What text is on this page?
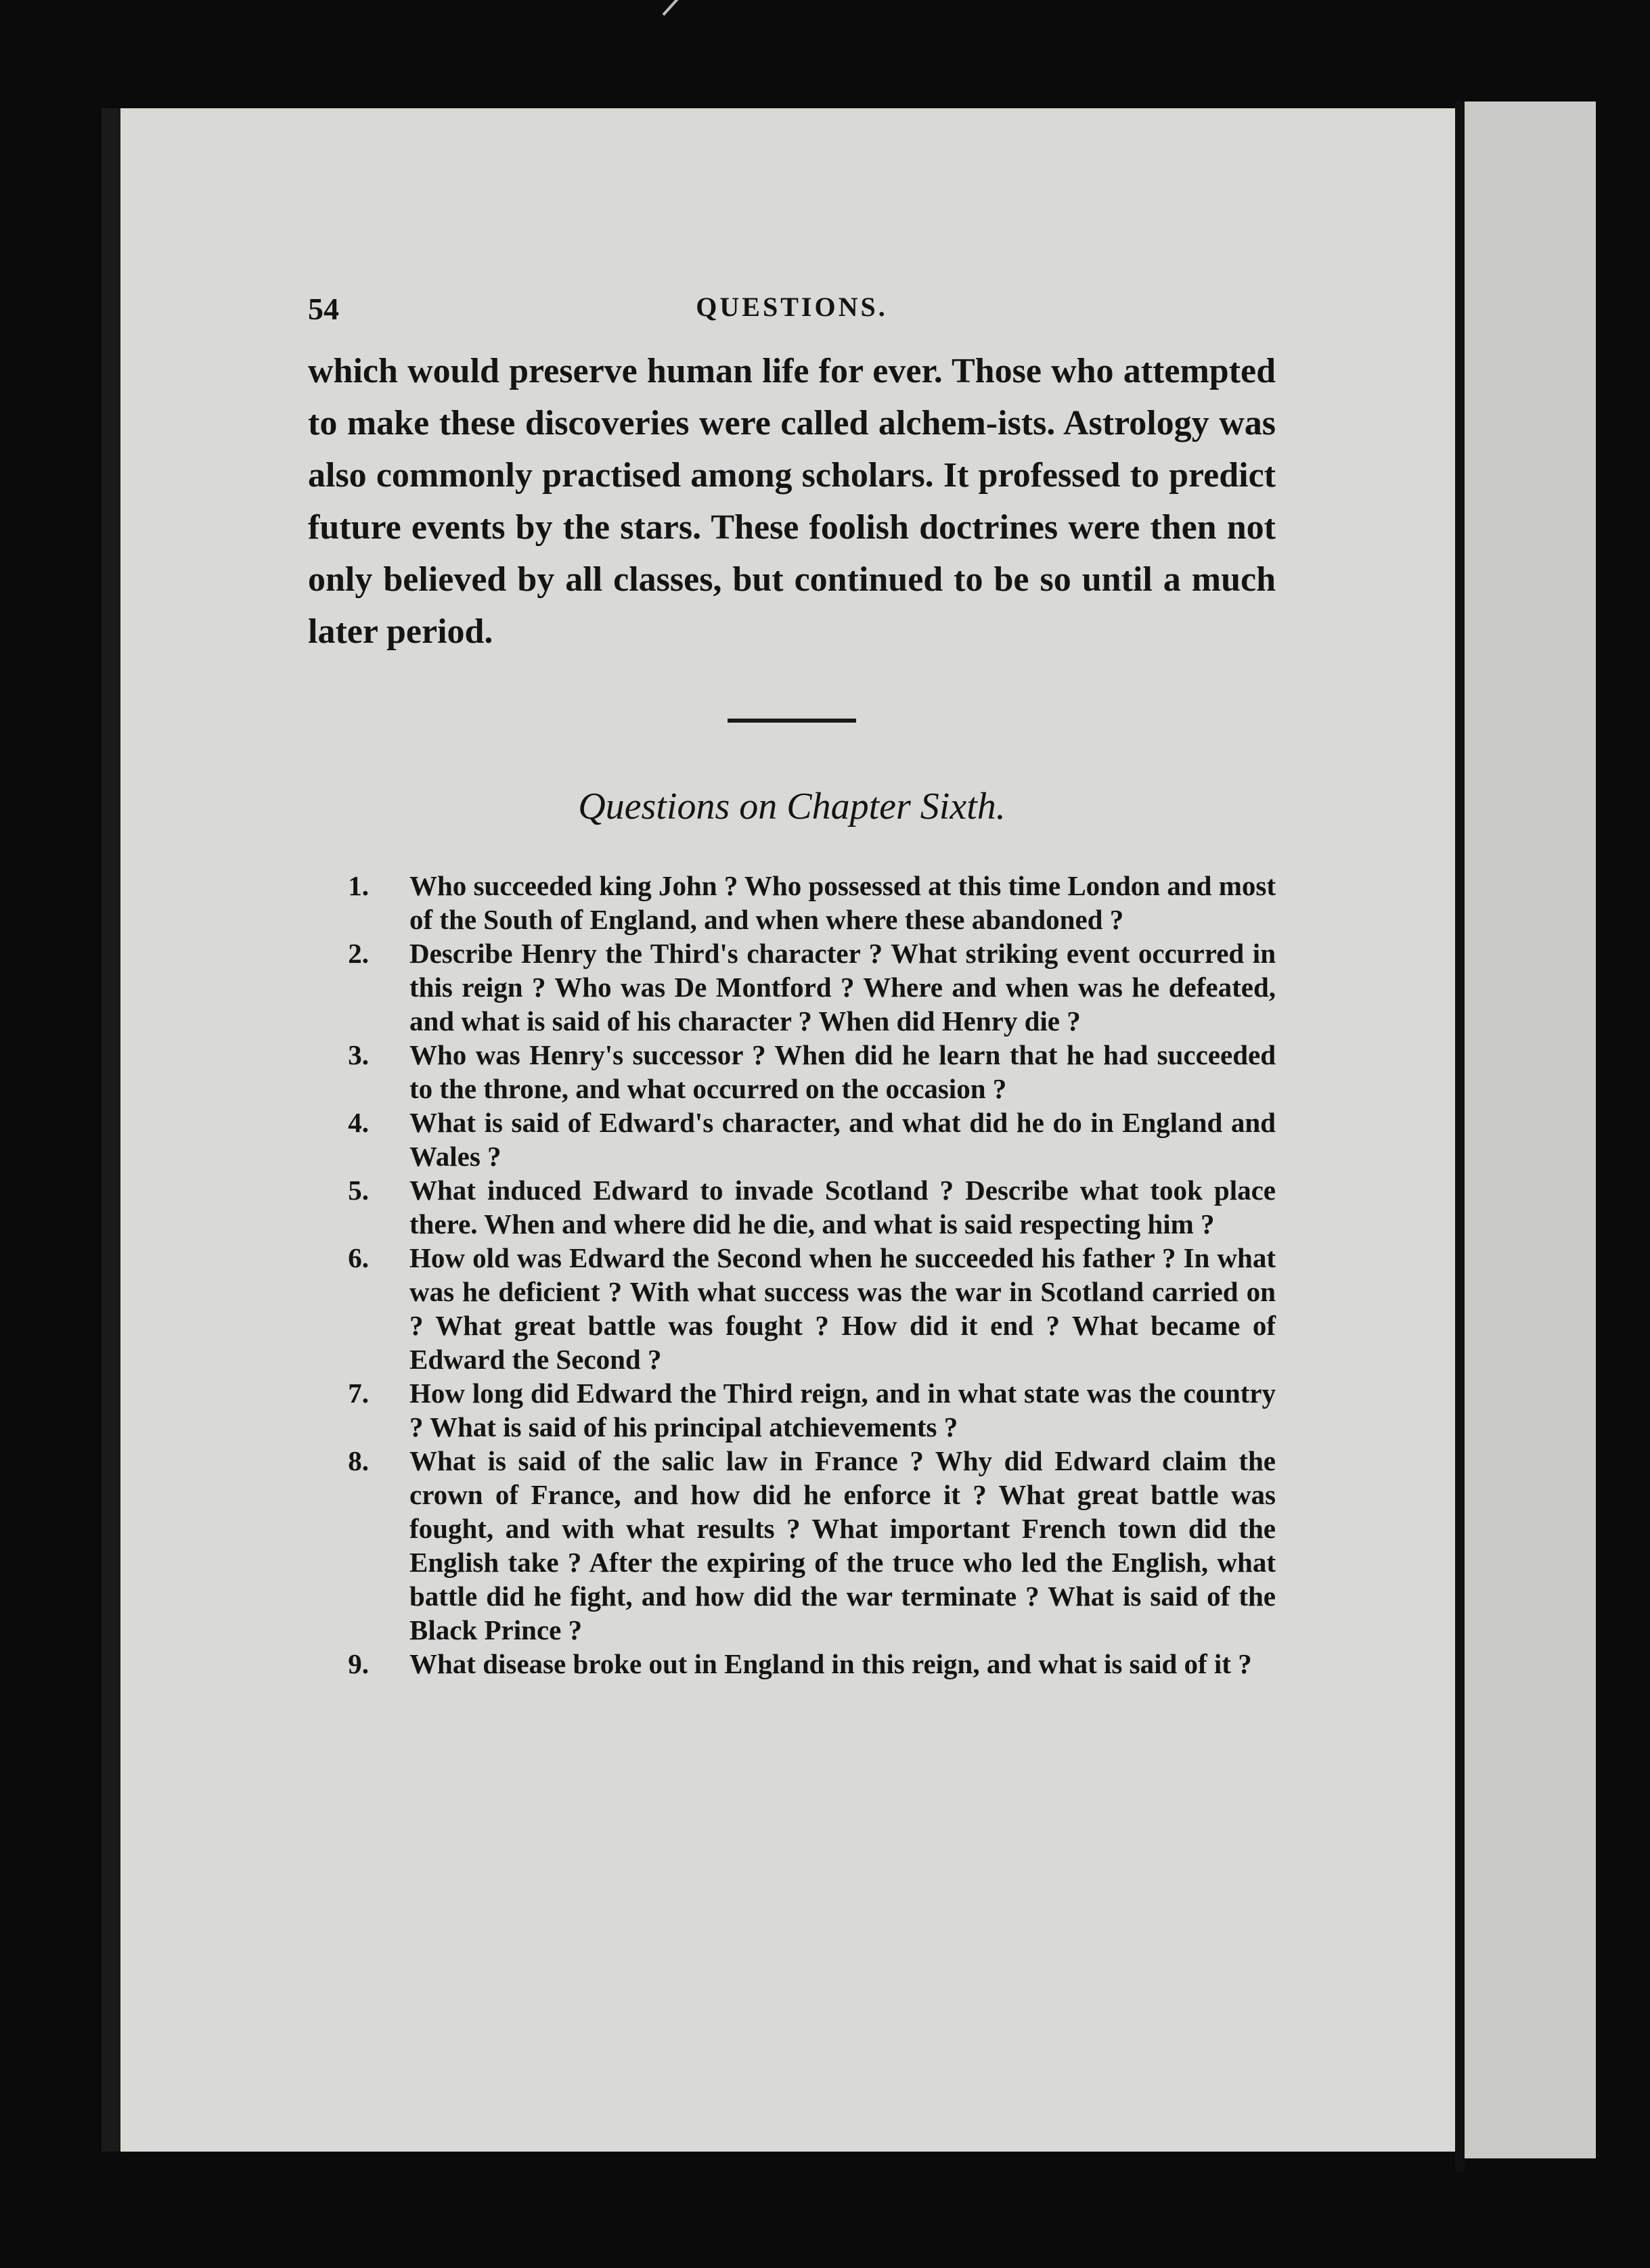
54	QUESTIONS.

which would preserve human life for ever. Those who attempted to make these discoveries were called alchem-ists. Astrology was also commonly practised among scholars. It professed to predict future events by the stars. These foolish doctrines were then not only believed by all classes, but continued to be so until a much later period.

Questions on Chapter Sixth.
1. Who succeeded king John ? Who possessed at this time London and most of the South of England, and when where these abandoned ?
2. Describe Henry the Third's character ? What striking event occurred in this reign ? Who was De Montford ? Where and when was he defeated, and what is said of his character ? When did Henry die ?
3. Who was Henry's successor ? When did he learn that he had succeeded to the throne, and what occurred on the occasion ?
4. What is said of Edward's character, and what did he do in England and Wales ?
5. What induced Edward to invade Scotland ? Describe what took place there. When and where did he die, and what is said respecting him ?
6. How old was Edward the Second when he succeeded his father ? In what was he deficient ? With what success was the war in Scotland carried on ? What great battle was fought ? How did it end ? What became of Edward the Second ?
7. How long did Edward the Third reign, and in what state was the country ? What is said of his principal atchievements ?
8. What is said of the salic law in France ? Why did Edward claim the crown of France, and how did he enforce it ? What great battle was fought, and with what results ? What important French town did the English take ? After the expiring of the truce who led the English, what battle did he fight, and how did the war terminate ? What is said of the Black Prince ?
9. What disease broke out in England in this reign, and what is said of it ?
